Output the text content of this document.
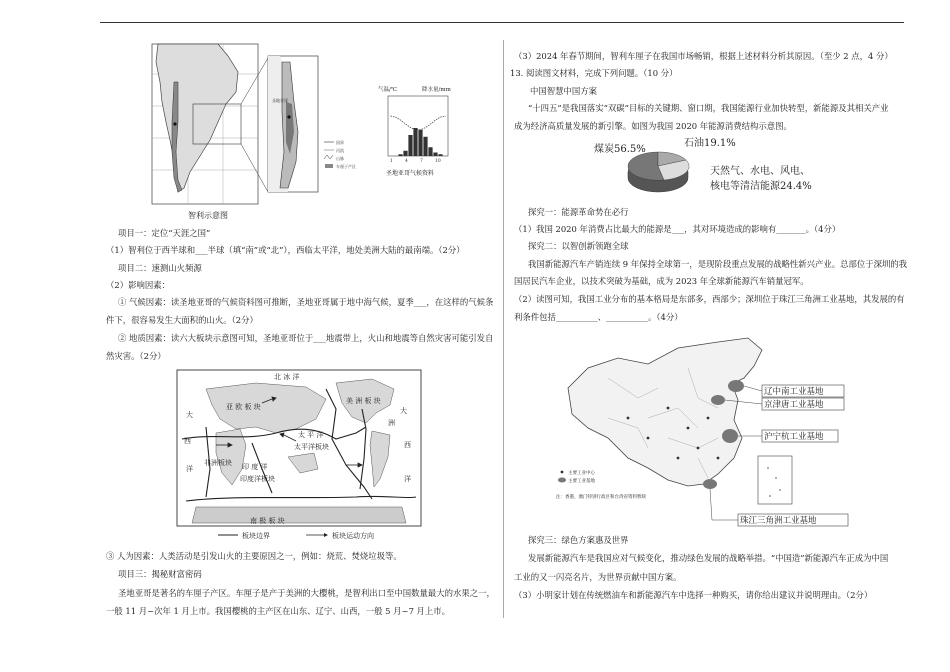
国界
河流
山脉
车厘子产区
圣地亚哥
智利示意图
气温/℃	降水量/mm
1	4	7	10
圣地亚哥气候资料
项目一：定位“天涯之国”
（1）智利位于西半球和___半球（填“南”或“北”），西临太平洋，地处美洲大陆的最南端。（2分）
项目二：速测山火频源
（2）影响因素：
① 气候因素：读圣地亚哥的气候资料图可推断，圣地亚哥属于地中海气候，夏季___，在这样的气候条
件下，很容易发生大面积的山火。（2分）
② 地质因素：读六大板块示意图可知，圣地亚哥位于___地震带上，火山和地震等自然灾害可能引发自
然灾害。（2分）
北 冰 洋
亚 欧 板 块
美 洲 板 块
太 平 洋
太平洋板块
非洲板块 印 度 洋
印度洋板块
南 极 板 块
大
西
洋
洲
大
西
洋
板块边界	板块运动方向
③ 人为因素：人类活动是引发山火的主要原因之一，例如：烧荒、焚烧垃圾等。
项目三：揭秘财富密码
圣地亚哥是著名的车厘子产区。车厘子是产于美洲的大樱桃，是智利出口至中国数量最大的水果之一，
一般 11 月~次年 1 月上市。我国樱桃的主产区在山东、辽宁、山西，一般 5 月~7 月上市。
（3）2024 年春节期间，智利车厘子在我国市场畅销，根据上述材料分析其原因。（至少 2 点，4 分）
13. 阅读图文材料，完成下列问题。（10 分）
中国智慧中国方案
“十四五”是我国落实“双碳”目标的关键期、窗口期，我国能源行业加快转型，新能源及其相关产业
成为经济高质量发展的新引擎。如图为我国 2020 年能源消费结构示意图。
煤炭56.5%
石油19.1%
天然气、水电、风电、
核电等清洁能源24.4%
探究一：能源革命势在必行
（1）我国 2020 年消费占比最大的能源是___，其对环境造成的影响有_______。（4分）
探究二：以智创新领跑全球
我国新能源汽车产销连续 9 年保持全球第一，是现阶段重点发展的战略性新兴产业。总部位于深圳的我
国居民汽车企业，以技术突破为基础，成为 2023 年全球新能源汽车销量冠军。
（2）读图可知，我国工业分布的基本格局是东部多，西部少；深圳位于珠江三角洲工业基地，其发展的有
利条件包括__________、__________。（4分）
辽中南工业基地
京津唐工业基地
沪宁杭工业基地
珠江三角洲工业基地
主要工业中心
主要工业基地
注：香港、澳门特别行政区和台湾省资料暂缺
探究三：绿色方案惠及世界
发展新能源汽车是我国应对气候变化，推动绿色发展的战略举措。“中国造”新能源汽车正成为中国
工业的又一闪亮名片，为世界贡献中国方案。
（3）小明家计划在传统燃油车和新能源汽车中选择一种购买，请你给出建议并说明理由。（2分）
